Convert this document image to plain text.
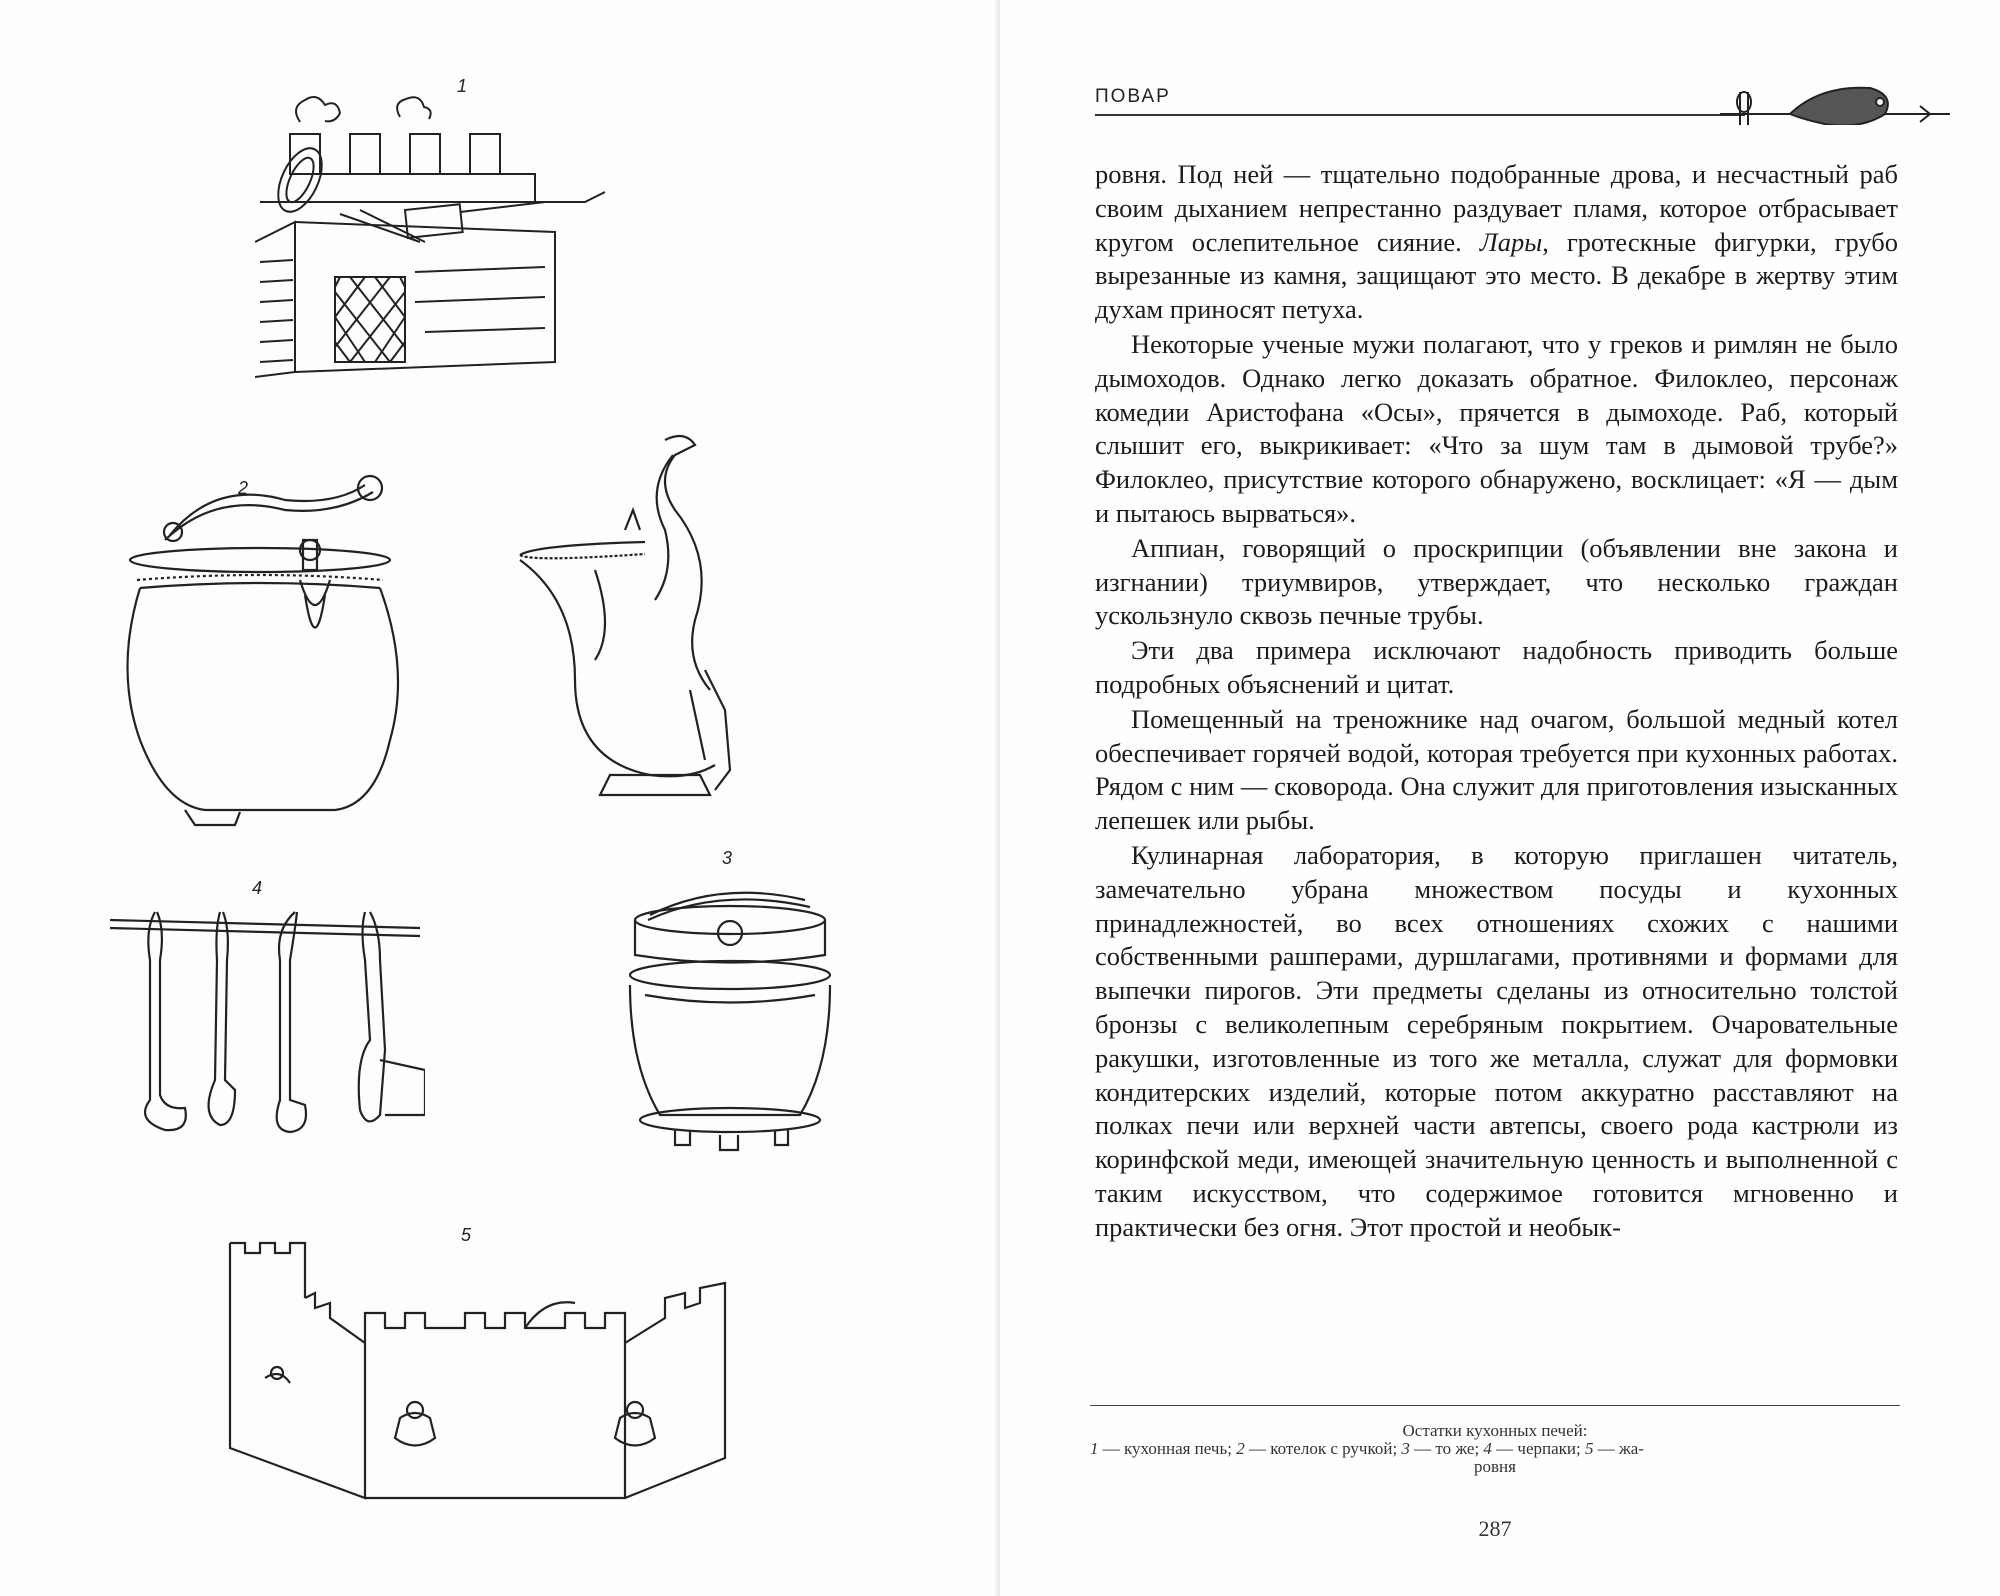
1
2
3
4
5
ПОВАР

ровня. Под ней — тщательно подобранные дрова, и несчастный раб своим дыханием непрестанно раздувает пламя, которое отбрасывает кругом ослепительное сияние. Лары, гротескные фигурки, грубо вырезанные из камня, защищают это место. В декабре в жертву этим духам приносят петуха.

Некоторые ученые мужи полагают, что у греков и римлян не было дымоходов. Однако легко доказать обратное. Филоклео, персонаж комедии Аристофана «Осы», прячется в дымоходе. Раб, который слышит его, выкрикивает: «Что за шум там в дымовой трубе?» Филоклео, присутствие которого обнаружено, восклицает: «Я — дым и пытаюсь вырваться».

Аппиан, говорящий о проскрипции (объявлении вне закона и изгнании) триумвиров, утверждает, что несколько граждан ускользнуло сквозь печные трубы.

Эти два примера исключают надобность приводить больше подробных объяснений и цитат.

Помещенный на треножнике над очагом, большой медный котел обеспечивает горячей водой, которая требуется при кухонных работах. Рядом с ним — сковорода. Она служит для приготовления изысканных лепешек или рыбы.

Кулинарная лаборатория, в которую приглашен читатель, замечательно убрана множеством посуды и кухонных принадлежностей, во всех отношениях схожих с нашими собственными рашперами, дуршлагами, противнями и формами для выпечки пирогов. Эти предметы сделаны из относительно толстой бронзы с великолепным серебряным покрытием. Очаровательные ракушки, изготовленные из того же металла, служат для формовки кондитерских изделий, которые потом аккуратно расставляют на полках печи или верхней части автепсы, своего рода кастрюли из коринфской меди, имеющей значительную ценность и выполненной с таким искусством, что содержимое готовится мгновенно и практически без огня. Этот простой и необык-

Остатки кухонных печей:
1 — кухонная печь; 2 — котелок с ручкой; 3 — то же; 4 — черпаки; 5 — жа-
ровня
287
